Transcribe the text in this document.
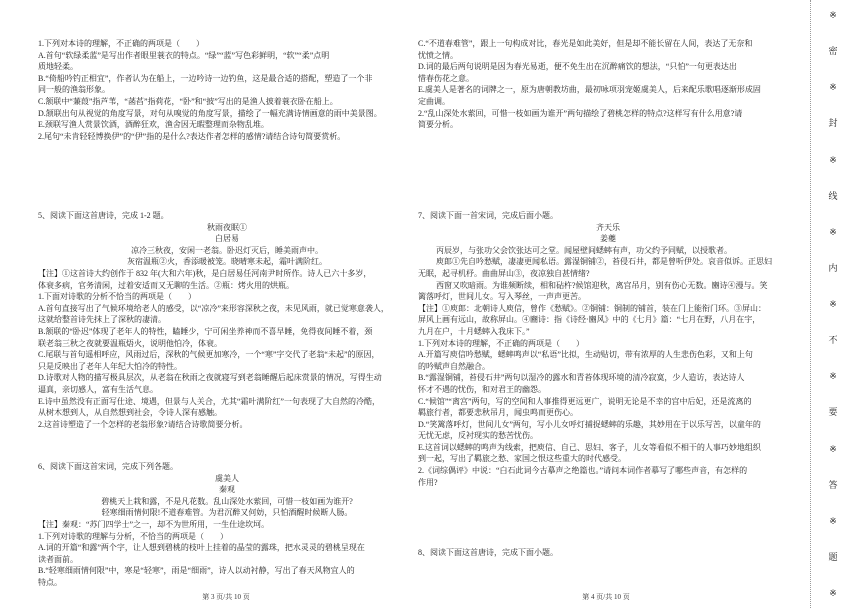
1.下列对本诗的理解，不正确的两项是（　　）
A.首句“软绿柔蓝”是写出作者眼里蓑衣的特点。“绿”“蓝”写色彩鲜明，“软”“柔”点明
质地轻柔。
B.“倚船吟钓正相宜”，作者认为在船上，一边吟诗一边钓鱼，这是最合适的搭配，塑造了一个非
同一般的渔翁形象。
C.颔联中“蒹葭”指芦苇，“菡萏”指荷花，“卧”和“披”写出的是渔人披着蓑衣卧在船上。
D.颔联出句从视觉的角度写景，对句从嗅觉的角度写景，描绘了一幅充满诗情画意的雨中美景图。
E.颈联写渔人赏景饮酒，酒醉狂欢，渔舍因无暇整理而杂物乱堆。
2.尾句“未肯轻轻博换伊”的“伊”指的是什么?表达作者怎样的感情?请结合诗句简要赏析。
5、阅读下面这首唐诗，完成 1-2 题。
秋雨夜眠①
白居易
凉冷三秋夜，安闲一老翁。卧迟灯灭后，睡美雨声中。
灰宿温瓶②火，香添暖被笼。晓晴寒未起，霜叶满阶红。
【注】①这首诗大约创作于 832 年(大和六年)秋，是白居易任河南尹时所作。诗人已六十多岁，
体衰多病，官务清闲，过着安适而又无聊的生活。②瓶：烤火用的烘瓶。
1.下面对诗歌的分析不恰当的两项是（　　）
A.首句直接写出了气候环境给老人的感受，以“凉冷”来形容深秋之夜，未见风雨，就已觉寒意袭人，
这就给整首诗先抹上了深秋的凄清。
B.颔联的“卧迟”体现了老年人的特性，瞌睡少，宁可闲坐养神而不喜早睡，免得夜间睡不着，颈
联老翁三秋之夜就要温瓶焐火，说明他怕冷，体衰。
C.尾联与首句遥相呼应，风雨过后，深秋的气候更加寒冷，一个“寒”字交代了老翁“未起”的原因，
只是反映出了老年人年纪大怕冷的特性。
D.诗歌对人物的描写极具层次，从老翁在秋雨之夜就寝写到老翁睡醒后起床赏景的情况，写得生动
逼真，亲切感人，富有生活气息。
E.诗中虽然没有正面写仕途、境遇，但景与人关合，尤其“霜叶满阶红”一句表现了大自然的冷酷，
从树木想到人，从自然想到社会，令诗人深有感触。
2.这首诗塑造了一个怎样的老翁形象?请结合诗歌简要分析。
6、阅读下面这首宋词，完成下列各题。
虞美人
秦观
碧桃天上栽和露，不是凡花数。乱山深处水萦回，可惜一枝如画为谁开?
轻寒细雨情何限!不道春难管。为君沉醉又何妨，只怕酒醒时候断人肠。
【注】秦观：“苏门四学士”之一，却不为世所用，一生仕途坎坷。
1.下列对诗歌的理解与分析，不恰当的两项是（　　）
A.词的开篇“和露”两个字，让人想到碧桃的枝叶上挂着的晶莹的露珠，把水灵灵的碧桃呈现在
读者面前。
B.“轻寒细雨情何限”中，寒是“轻寒”，雨是“细雨”，诗人以动衬静，写出了春天风物宜人的
特点。
第 3 页/共 10 页
C.“不道春难管”，跟上一句构成对比，春光是如此美好，但是却不能长留在人间，表达了无奈和
忧愤之情。
D.词的最后两句说明是因为春光易逝，便不免生出在沉醉痛饮的想法，“只怕”一句更表达出
惜春伤花之意。
E.虞美人是著名的词牌之一，原为唐朝教坊曲，最初咏项羽宠姬虞美人，后来配乐歌唱逐渐形成固
定曲调。
2.“乱山深处水萦回，可惜一枝如画为谁开”两句描绘了碧桃怎样的特点?这样写有什么用意?请
简要分析。
7、阅读下面一首宋词，完成后面小题。
齐天乐
姜夔
丙辰岁，与张功父会饮张达可之堂。闻屋壁间蟋蟀有声，功父约予同赋，以授歌者。
庾郎①先自吟愁赋，凄凄更闻私语。露湿铜铺②，苔侵石井，都是曾听伊处。哀音似诉。正思妇
无眠，起寻机杼。曲曲屏山③，夜凉独自甚情绪?
西窗又吹暗雨。为谁频断续，相和砧杵?候馆迎秋，离宫吊月，别有伤心无数。豳诗④漫与。笑
篱落呼灯，世间儿女。写入琴丝，一声声更苦。
【注】①庾郎：北朝诗人庾信，曾作《愁赋》。②铜铺：铜制的铺首，装在门上能衔门环。③屏山：
屏风上画有远山，故称屏山。④豳诗：指《诗经·豳风》中的《七月》篇：“七月在野，八月在宇，
九月在户，十月蟋蟀入我床下。”
1.下列对本诗的理解，不正确的两项是（　　）
A.开篇写庾信吟愁赋，蟋蟀鸣声以“私语”比拟，生动贴切，带有浓厚的人生悲伤色彩，又和上句
的吟赋声自然融合。
B.“露湿铜铺，苔侵石井”两句以湿冷的露水和青苔体现环境的清冷寂寞，少人造访，表达诗人
怀才不遇的忧伤，和对君王的幽怨。
C.“候馆”“离宫”两句，写的空间和人事推得更远更广，说明无论是不幸的宫中后妃，还是流离的
羁旅行者，都要悲秋吊月，闻虫鸣而更伤心。
D.“笑篱落呼灯，世间儿女”两句，写小儿女呼灯捕捉蟋蟀的乐趣，其妙用在于以乐写苦，以童年的
无忧无虑，反衬现实的愁苦忧伤。
E.这首词以蟋蟀的鸣声为线索，把庾信、自己、思妇、客子，儿女等看似不相干的人事巧妙地组织
到一起，写出了羁旅之愁、家国之恨这些重大的时代感受。
2.《词综偶评》中说：“白石此词今古摹声之绝篇也。”请问本词作者摹写了哪些声音，有怎样的
作用?
8、阅读下面这首唐诗，完成下面小题。
第 4 页/共 10 页
※
密
※
封
※
线
※
内
※
不
※
要
※
答
※
题
※
